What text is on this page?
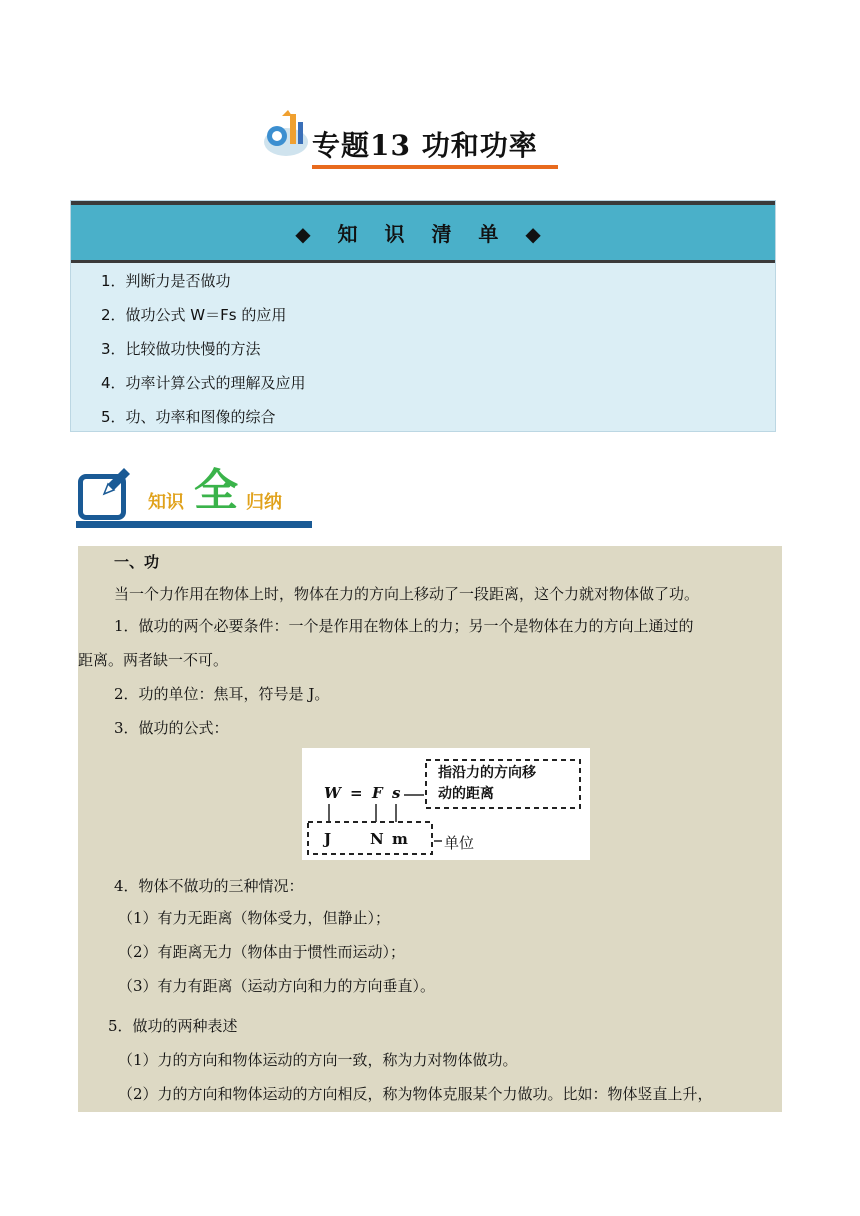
专题13 功和功率
◆ 知 识 清 单 ◆
1．判断力是否做功
2．做功公式 W＝Fs 的应用
3．比较做功快慢的方法
4．功率计算公式的理解及应用
5．功、功率和图像的综合
知识 全 归纳
一、功
当一个力作用在物体上时，物体在力的方向上移动了一段距离，这个力就对物体做了功。
1．做功的两个必要条件：一个是作用在物体上的力；另一个是物体在力的方向上通过的
距离。两者缺一不可。
2．功的单位：焦耳，符号是 J。
3．做功的公式：
W = F s
指沿力的方向移
动的距离
J	N m 单位
4．物体不做功的三种情况：
（1）有力无距离（物体受力，但静止）；
（2）有距离无力（物体由于惯性而运动）；
（3）有力有距离（运动方向和力的方向垂直）。
5．做功的两种表述
（1）力的方向和物体运动的方向一致，称为力对物体做功。
（2）力的方向和物体运动的方向相反，称为物体克服某个力做功。比如：物体竖直上升，
